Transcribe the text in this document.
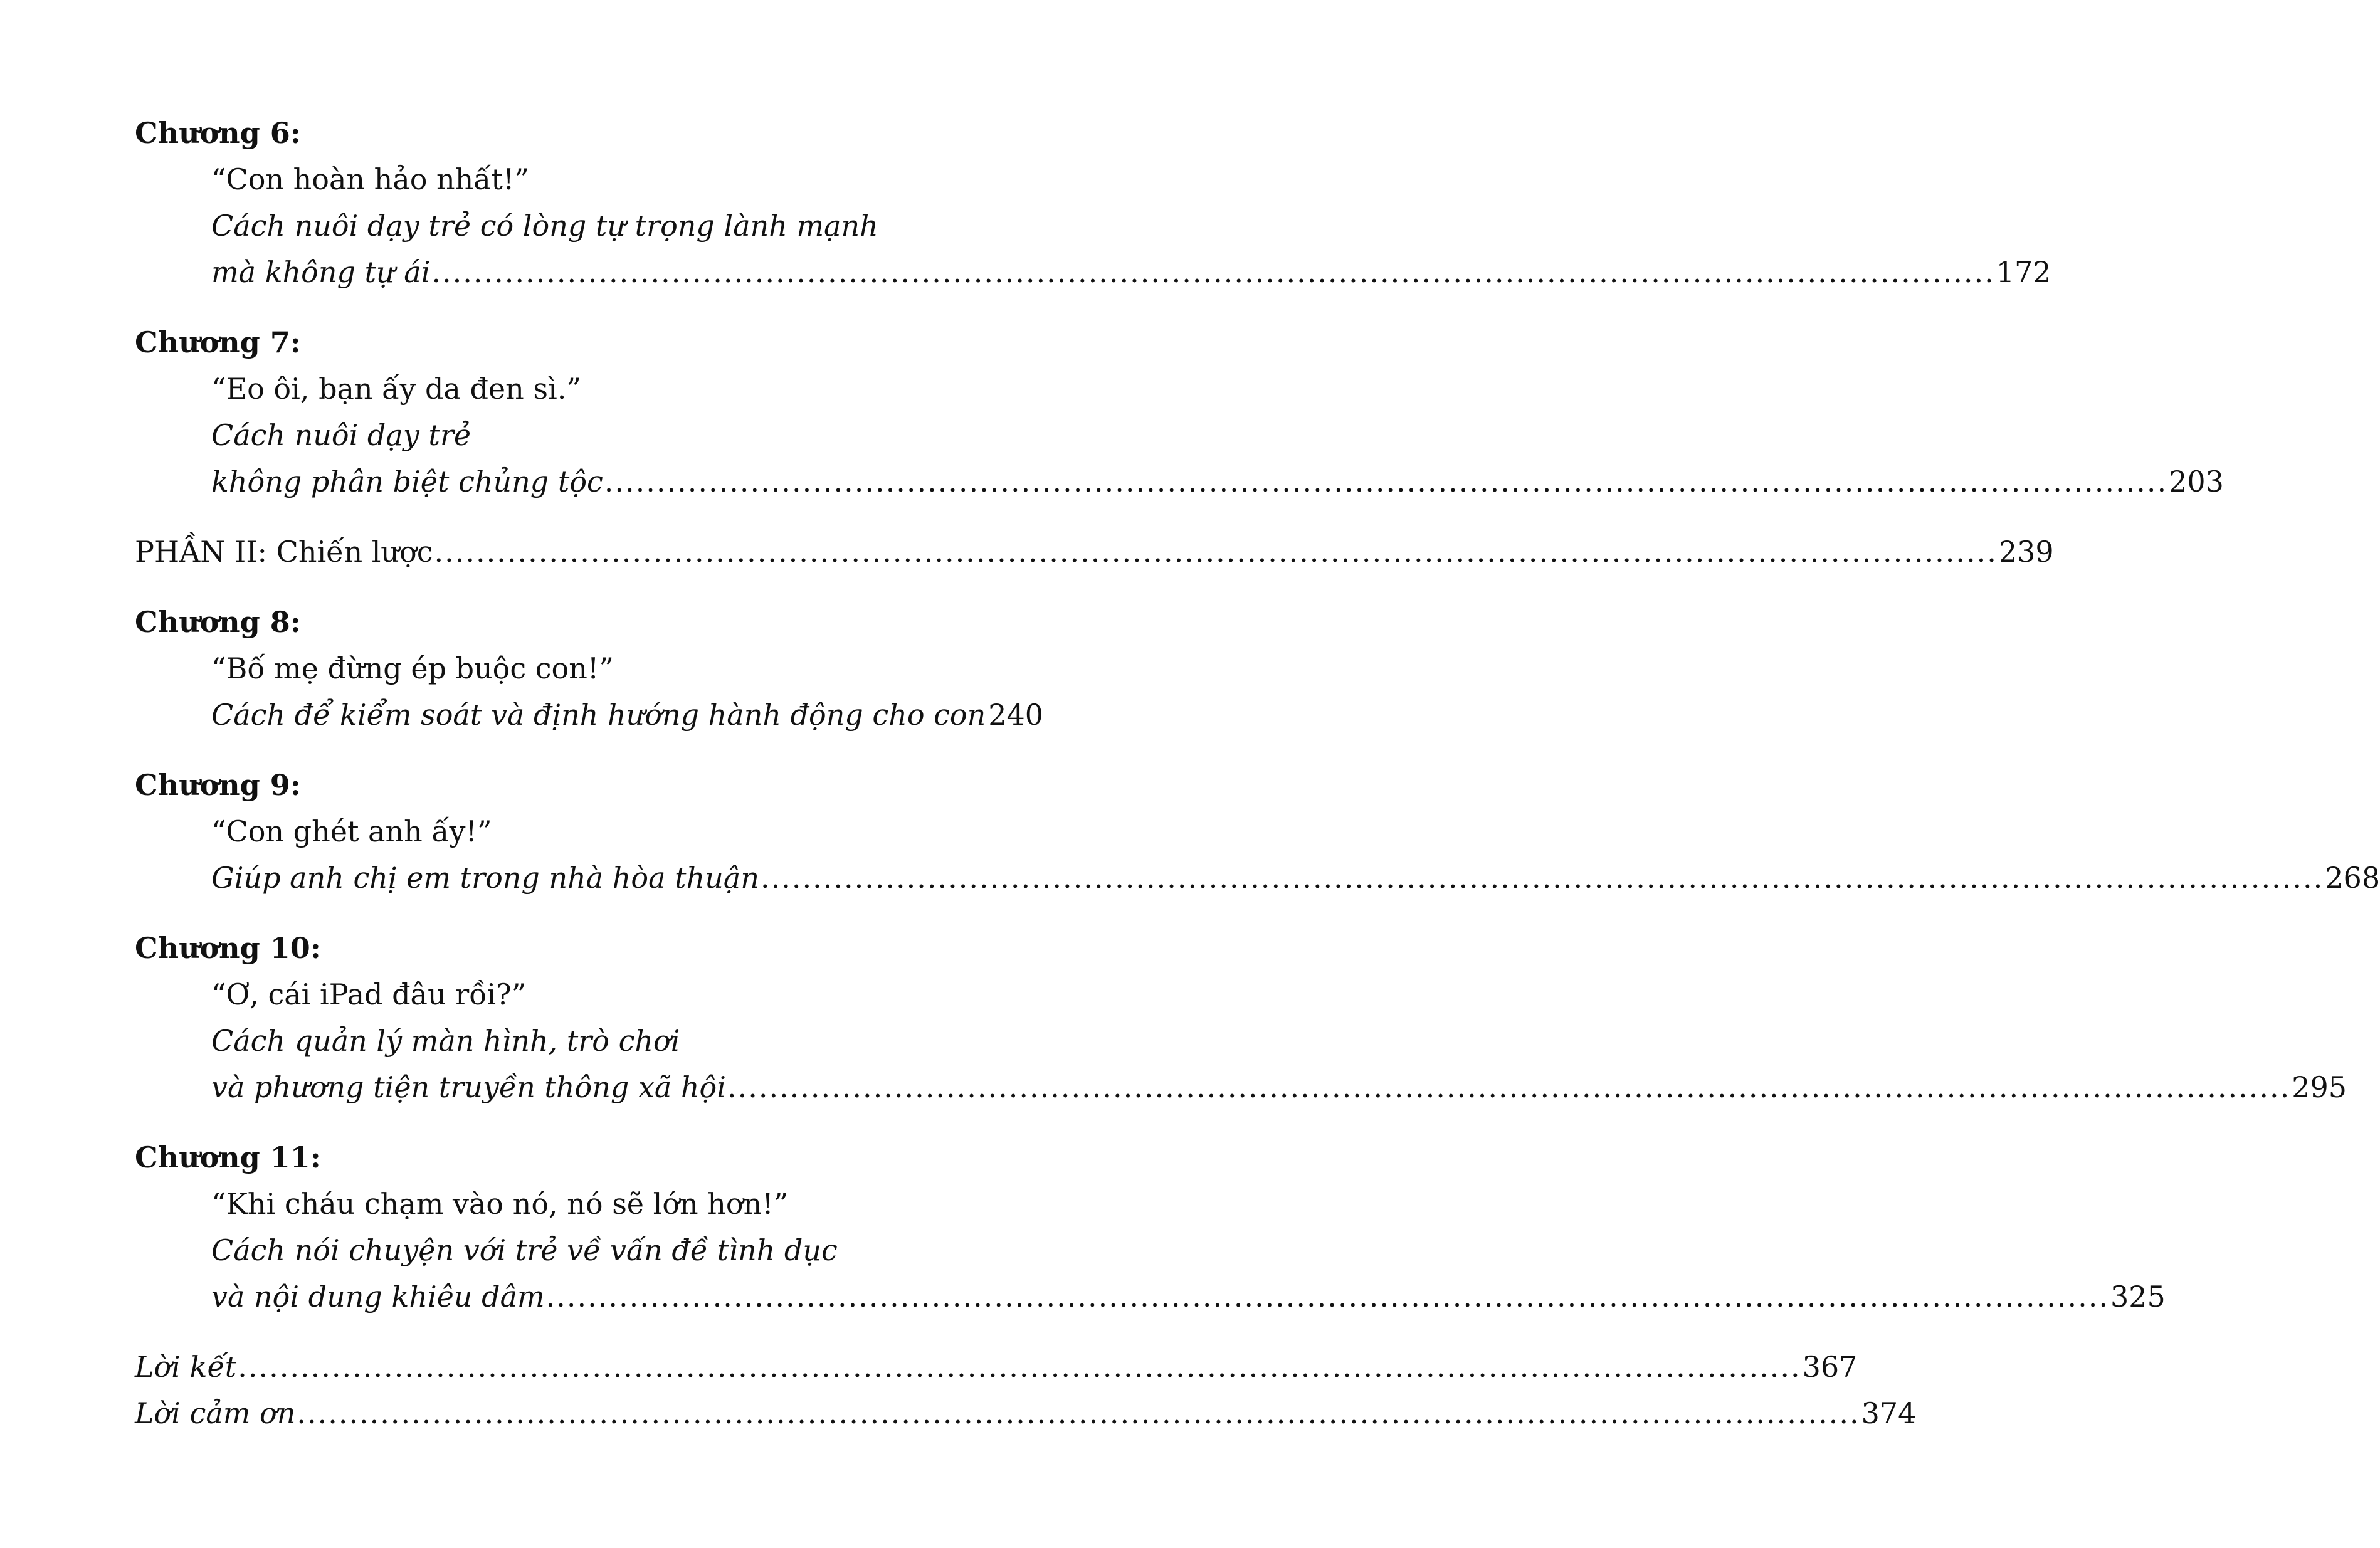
Chương 6:
“Con hoàn hảo nhất!”
Cách nuôi dạy trẻ có lòng tự trọng lành mạnh
mà không tự ái ...................................................................................................................................................... 172
Chương 7:
“Eo ôi, bạn ấy da đen sì.”
Cách nuôi dạy trẻ
không phân biệt chủng tộc ...................................................................................................................................................... 203
PHẦN II: Chiến lược ...................................................................................................................................................... 239
Chương 8:
“Bố mẹ đừng ép buộc con!”
Cách để kiểm soát và định hướng hành động cho con 240
Chương 9:
“Con ghét anh ấy!”
Giúp anh chị em trong nhà hòa thuận ...................................................................................................................................................... 268
Chương 10:
“Ơ, cái iPad đâu rồi?”
Cách quản lý màn hình, trò chơi
và phương tiện truyền thông xã hội ...................................................................................................................................................... 295
Chương 11:
“Khi cháu chạm vào nó, nó sẽ lớn hơn!”
Cách nói chuyện với trẻ về vấn đề tình dục
và nội dung khiêu dâm ...................................................................................................................................................... 325
Lời kết ...................................................................................................................................................... 367
Lời cảm ơn ...................................................................................................................................................... 374
